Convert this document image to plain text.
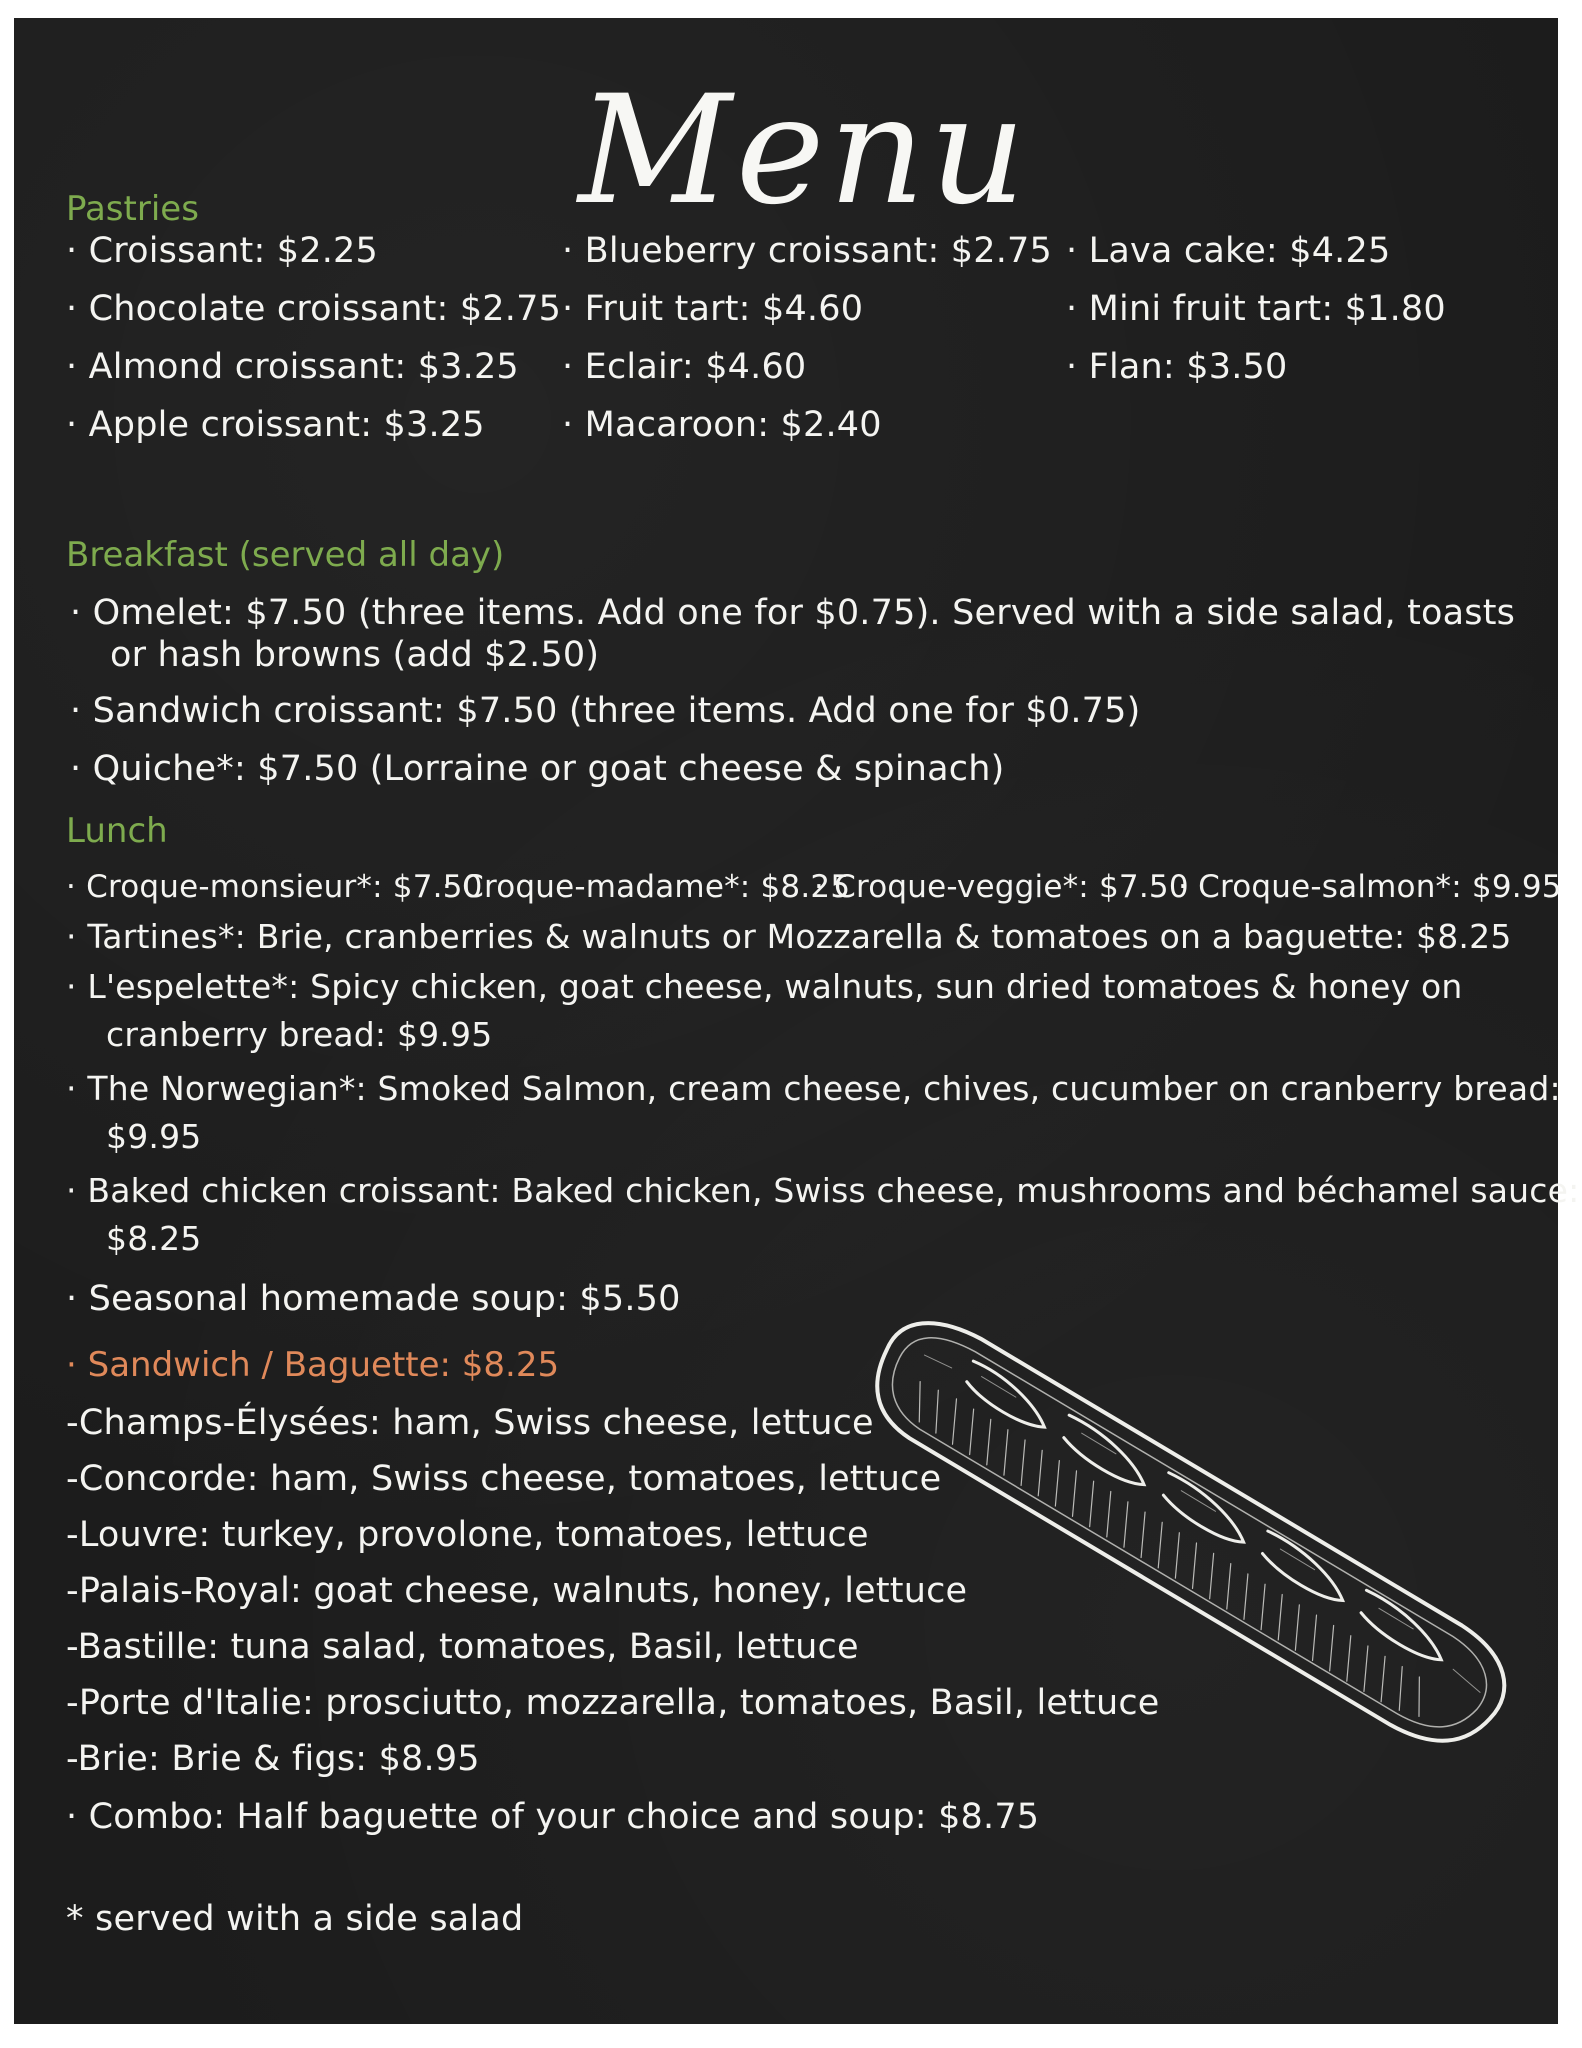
Menu
Pastries
· Croissant: $2.25
· Chocolate croissant: $2.75
· Almond croissant: $3.25
· Apple croissant: $3.25
· Blueberry croissant: $2.75
· Fruit tart: $4.60
· Eclair: $4.60
· Macaroon: $2.40
· Lava cake: $4.25
· Mini fruit tart: $1.80
· Flan: $3.50
Breakfast (served all day)
· Omelet: $7.50 (three items. Add one for $0.75). Served with a side salad, toasts
or hash browns (add $2.50)
· Sandwich croissant: $7.50 (three items. Add one for $0.75)
· Quiche*: $7.50 (Lorraine or goat cheese & spinach)
Lunch
· Croque-monsieur*: $7.50
· Croque-madame*: $8.25
· Croque-veggie*: $7.50
· Croque-salmon*: $9.95
· Tartines*: Brie, cranberries & walnuts or Mozzarella & tomatoes on a baguette: $8.25
· L'espelette*: Spicy chicken, goat cheese, walnuts, sun dried tomatoes & honey on
cranberry bread: $9.95
· The Norwegian*: Smoked Salmon, cream cheese, chives, cucumber on cranberry bread:
$9.95
· Baked chicken croissant: Baked chicken, Swiss cheese, mushrooms and béchamel sauce:
$8.25
· Seasonal homemade soup: $5.50
· Sandwich / Baguette: $8.25
-Champs-Élysées: ham, Swiss cheese, lettuce
-Concorde: ham, Swiss cheese, tomatoes, lettuce
-Louvre: turkey, provolone, tomatoes, lettuce
-Palais-Royal: goat cheese, walnuts, honey, lettuce
-Bastille: tuna salad, tomatoes, Basil, lettuce
-Porte d'Italie: prosciutto, mozzarella, tomatoes, Basil, lettuce
-Brie: Brie & figs: $8.95
· Combo: Half baguette of your choice and soup: $8.75
* served with a side salad
